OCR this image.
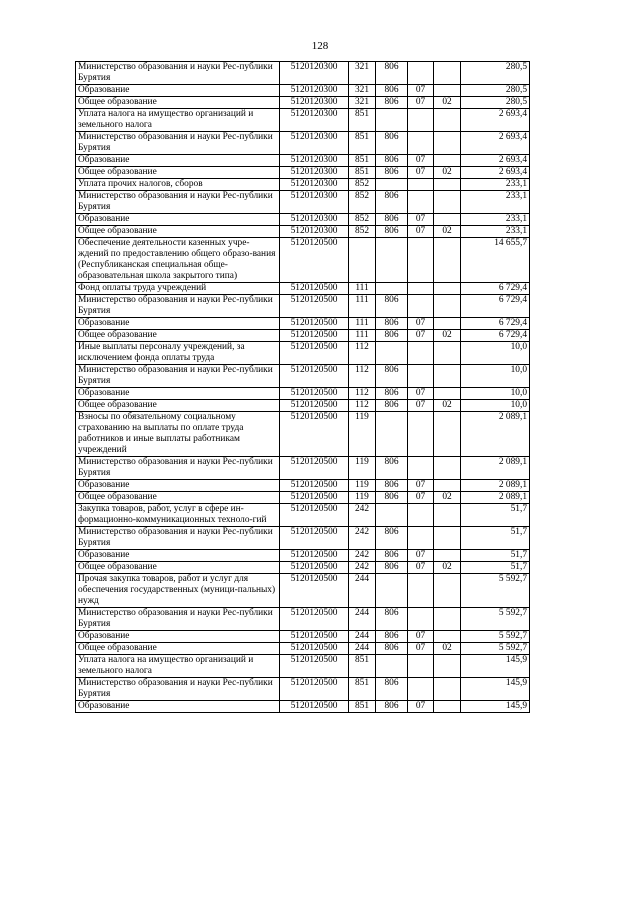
128
Министерство образования и науки Рес-публики Бурятия	5120120300	321	806			280,5
Образование	5120120300	321	806	07		280,5
Общее образование	5120120300	321	806	07	02	280,5
Уплата налога на имущество организаций и земельного налога	5120120300	851				2 693,4
Министерство образования и науки Рес-публики Бурятия	5120120300	851	806			2 693,4
Образование	5120120300	851	806	07		2 693,4
Общее образование	5120120300	851	806	07	02	2 693,4
Уплата прочих налогов, сборов	5120120300	852				233,1
Министерство образования и науки Рес-публики Бурятия	5120120300	852	806			233,1
Образование	5120120300	852	806	07		233,1
Общее образование	5120120300	852	806	07	02	233,1
Обеспечение деятельности казенных учре-ждений по предоставлению общего образо-вания (Республиканская специальная обще-образовательная школа закрытого типа)	5120120500					14 655,7
Фонд оплаты труда учреждений	5120120500	111				6 729,4
Министерство образования и науки Рес-публики Бурятия	5120120500	111	806			6 729,4
Образование	5120120500	111	806	07		6 729,4
Общее образование	5120120500	111	806	07	02	6 729,4
Иные выплаты персоналу учреждений, за исключением фонда оплаты труда	5120120500	112				10,0
Министерство образования и науки Рес-публики Бурятия	5120120500	112	806			10,0
Образование	5120120500	112	806	07		10,0
Общее образование	5120120500	112	806	07	02	10,0
Взносы по обязательному социальному страхованию на выплаты по оплате труда работников и иные выплаты работникам учреждений	5120120500	119				2 089,1
Министерство образования и науки Рес-публики Бурятия	5120120500	119	806			2 089,1
Образование	5120120500	119	806	07		2 089,1
Общее образование	5120120500	119	806	07	02	2 089,1
Закупка товаров, работ, услуг в сфере ин-формационно-коммуникационных техноло-гий	5120120500	242				51,7
Министерство образования и науки Рес-публики Бурятия	5120120500	242	806			51,7
Образование	5120120500	242	806	07		51,7
Общее образование	5120120500	242	806	07	02	51,7
Прочая закупка товаров, работ и услуг для обеспечения государственных (муници-пальных) нужд	5120120500	244				5 592,7
Министерство образования и науки Рес-публики Бурятия	5120120500	244	806			5 592,7
Образование	5120120500	244	806	07		5 592,7
Общее образование	5120120500	244	806	07	02	5 592,7
Уплата налога на имущество организаций и земельного налога	5120120500	851				145,9
Министерство образования и науки Рес-публики Бурятия	5120120500	851	806			145,9
Образование	5120120500	851	806	07		145,9
